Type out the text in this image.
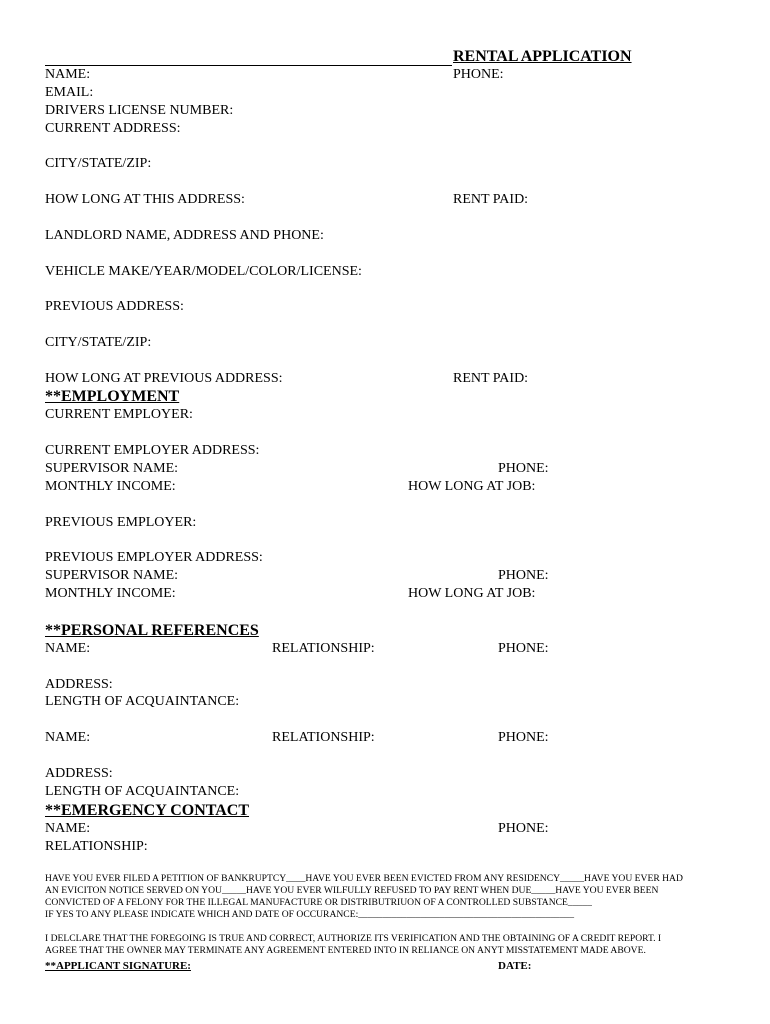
RENTAL APPLICATION
NAME:	PHONE:
EMAIL:
DRIVERS LICENSE NUMBER:
CURRENT ADDRESS:
CITY/STATE/ZIP:
HOW LONG AT THIS ADDRESS:	RENT PAID:
LANDLORD NAME, ADDRESS AND PHONE:
VEHICLE MAKE/YEAR/MODEL/COLOR/LICENSE:
PREVIOUS ADDRESS:
CITY/STATE/ZIP:
HOW LONG AT PREVIOUS ADDRESS:	RENT PAID:
**EMPLOYMENT
CURRENT EMPLOYER:
CURRENT EMPLOYER ADDRESS:
SUPERVISOR NAME:	PHONE:
MONTHLY INCOME:	HOW LONG AT JOB:
PREVIOUS EMPLOYER:
PREVIOUS EMPLOYER ADDRESS:
SUPERVISOR NAME:	PHONE:
MONTHLY INCOME:	HOW LONG AT JOB:
**PERSONAL REFERENCES
NAME:	RELATIONSHIP:	PHONE:
ADDRESS:
LENGTH OF ACQUAINTANCE:
NAME:	RELATIONSHIP:	PHONE:
ADDRESS:
LENGTH OF ACQUAINTANCE:
**EMERGENCY CONTACT
NAME:	PHONE:
RELATIONSHIP:
HAVE YOU EVER FILED A PETITION OF BANKRUPTCY____HAVE YOU EVER BEEN EVICTED FROM ANY RESIDENCY_____HAVE YOU EVER HAD
AN EVICITON NOTICE SERVED ON YOU_____HAVE YOU EVER WILFULLY REFUSED TO PAY RENT WHEN DUE_____HAVE YOU EVER BEEN
CONVICTED OF A FELONY FOR THE ILLEGAL MANUFACTURE OR DISTRIBUTRIUON OF A CONTROLLED SUBSTANCE_____
IF YES TO ANY PLEASE INDICATE WHICH AND DATE OF OCCURANCE:_____________________________________________
I DELCLARE THAT THE FOREGOING IS TRUE AND CORRECT, AUTHORIZE ITS VERIFICATION AND THE OBTAINING OF A CREDIT REPORT. I
AGREE THAT THE OWNER MAY TERMINATE ANY AGREEMENT ENTERED INTO IN RELIANCE ON ANYT MISSTATEMENT MADE ABOVE.
**APPLICANT SIGNATURE:	DATE:
